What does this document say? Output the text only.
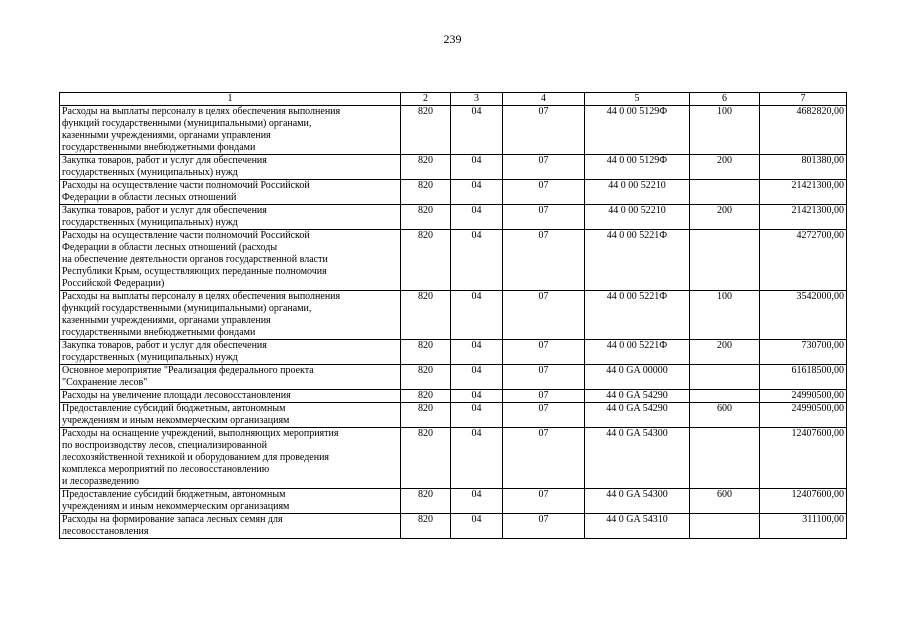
239
1	2	3	4	5	6	7
Расходы на выплаты персоналу в целях обеспечения выполнения
функций государственными (муниципальными) органами,
казенными учреждениями, органами управления
государственными внебюджетными фондами	820	04	07	44 0 00 5129Ф	100	4682820,00
Закупка товаров, работ и услуг для обеспечения
государственных (муниципальных) нужд	820	04	07	44 0 00 5129Ф	200	801380,00
Расходы на осуществление части полномочий Российской
Федерации в области лесных отношений	820	04	07	44 0 00 52210		21421300,00
Закупка товаров, работ и услуг для обеспечения
государственных (муниципальных) нужд	820	04	07	44 0 00 52210	200	21421300,00
Расходы на осуществление части полномочий Российской
Федерации в области лесных отношений (расходы
на обеспечение деятельности органов государственной власти
Республики Крым, осуществляющих переданные полномочия
Российской Федерации)	820	04	07	44 0 00 5221Ф		4272700,00
Расходы на выплаты персоналу в целях обеспечения выполнения
функций государственными (муниципальными) органами,
казенными учреждениями, органами управления
государственными внебюджетными фондами	820	04	07	44 0 00 5221Ф	100	3542000,00
Закупка товаров, работ и услуг для обеспечения
государственных (муниципальных) нужд	820	04	07	44 0 00 5221Ф	200	730700,00
Основное мероприятие "Реализация федерального проекта
"Сохранение лесов"	820	04	07	44 0 GA 00000		61618500,00
Расходы на увеличение площади лесовосстановления	820	04	07	44 0 GA 54290		24990500,00
Предоставление субсидий бюджетным, автономным
учреждениям и иным некоммерческим организациям	820	04	07	44 0 GA 54290	600	24990500,00
Расходы на оснащение учреждений, выполняющих мероприятия
по воспроизводству лесов, специализированной
лесохозяйственной техникой и оборудованием для проведения
комплекса мероприятий по лесовосстановлению
и лесоразведению	820	04	07	44 0 GA 54300		12407600,00
Предоставление субсидий бюджетным, автономным
учреждениям и иным некоммерческим организациям	820	04	07	44 0 GA 54300	600	12407600,00
Расходы на формирование запаса лесных семян для
лесовосстановления	820	04	07	44 0 GA 54310		311100,00
